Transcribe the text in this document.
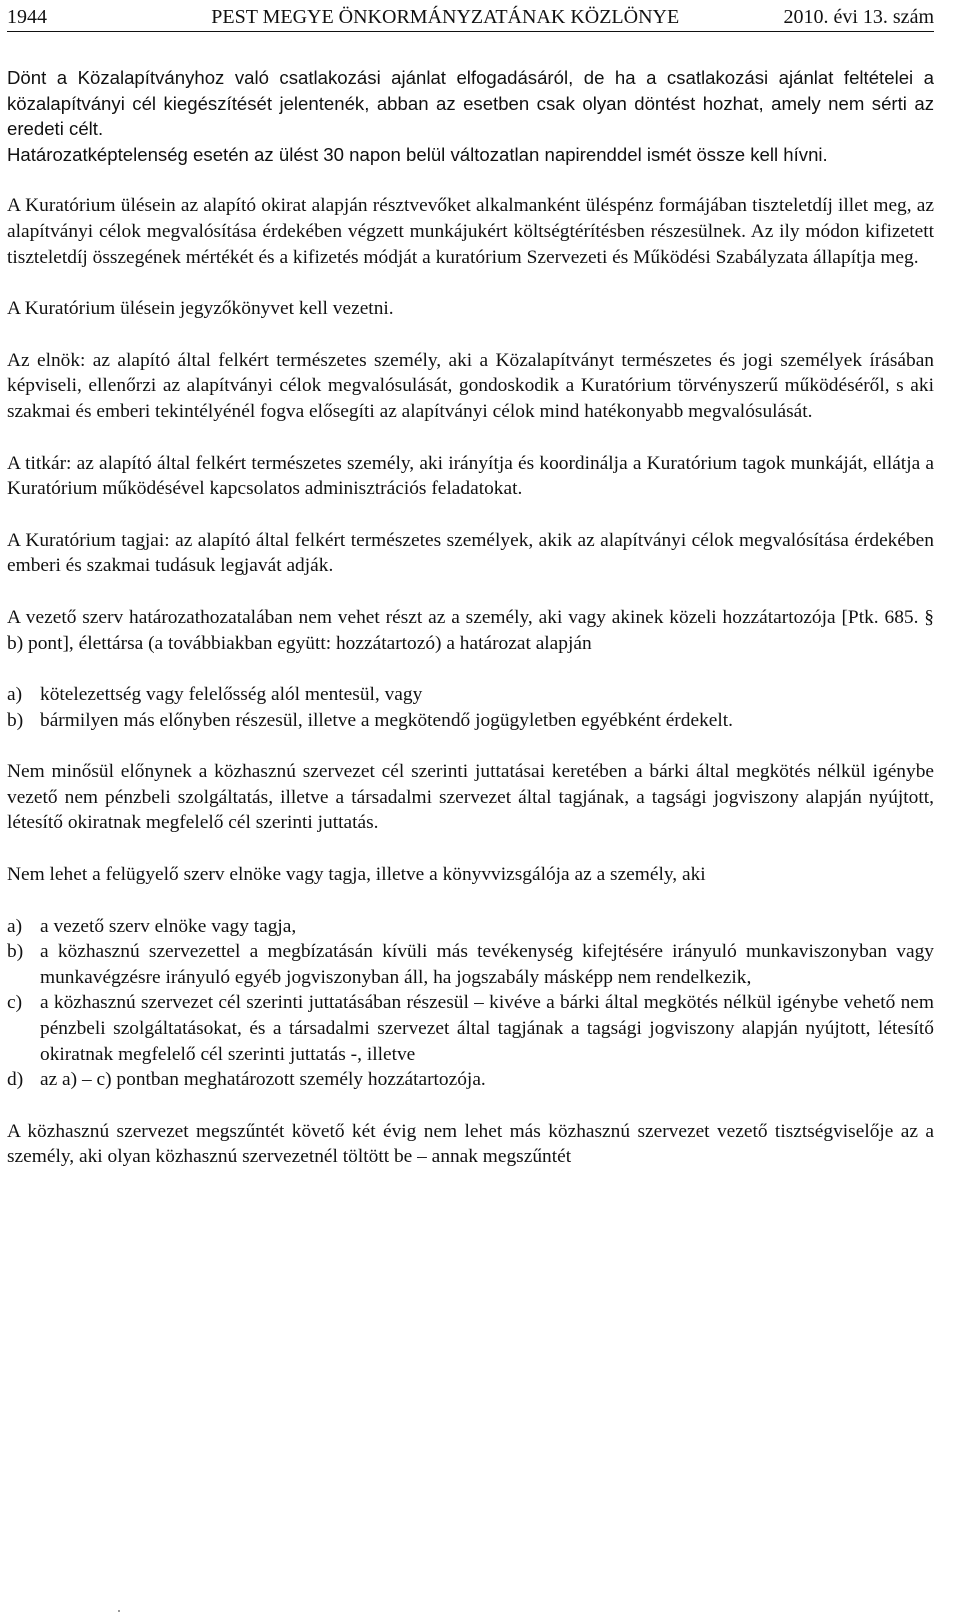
1944	PEST MEGYE ÖNKORMÁNYZATÁNAK KÖZLÖNYE	2010. évi 13. szám

Dönt a Közalapítványhoz való csatlakozási ajánlat elfogadásáról, de ha a csatlakozási ajánlat feltételei a közalapítványi cél kiegészítését jelentenék, abban az esetben csak olyan döntést hozhat, amely nem sérti az eredeti célt.

Határozatképtelenség esetén az ülést 30 napon belül változatlan napirenddel ismét össze kell hívni.

A Kuratórium ülésein az alapító okirat alapján résztvevőket alkalmanként üléspénz formájában tiszteletdíj illet meg, az alapítványi célok megvalósítása érdekében végzett munkájukért költségtérítésben részesülnek. Az ily módon kifizetett tiszteletdíj összegének mértékét és a kifizetés módját a kuratórium Szervezeti és Működési Szabályzata állapítja meg.

A Kuratórium ülésein jegyzőkönyvet kell vezetni.

Az elnök: az alapító által felkért természetes személy, aki a Közalapítványt természetes és jogi személyek írásában képviseli, ellenőrzi az alapítványi célok megvalósulását, gondoskodik a Kuratórium törvényszerű működéséről, s aki szakmai és emberi tekintélyénél fogva elősegíti az alapítványi célok mind hatékonyabb megvalósulását.

A titkár: az alapító által felkért természetes személy, aki irányítja és koordinálja a Kuratórium tagok munkáját, ellátja a Kuratórium működésével kapcsolatos adminisztrációs feladatokat.

A Kuratórium tagjai: az alapító által felkért természetes személyek, akik az alapítványi célok megvalósítása érdekében emberi és szakmai tudásuk legjavát adják.

A vezető szerv határozathozatalában nem vehet részt az a személy, aki vagy akinek közeli hozzátartozója [Ptk. 685. § b) pont], élettársa (a továbbiakban együtt: hozzátartozó) a határozat alapján

a) kötelezettség vagy felelősség alól mentesül, vagy
b) bármilyen más előnyben részesül, illetve a megkötendő jogügyletben egyébként érdekelt.

Nem minősül előnynek a közhasznú szervezet cél szerinti juttatásai keretében a bárki által megkötés nélkül igénybe vezető nem pénzbeli szolgáltatás, illetve a társadalmi szervezet által tagjának, a tagsági jogviszony alapján nyújtott, létesítő okiratnak megfelelő cél szerinti juttatás.

Nem lehet a felügyelő szerv elnöke vagy tagja, illetve a könyvvizsgálója az a személy, aki

a) a vezető szerv elnöke vagy tagja,
b) a közhasznú szervezettel a megbízatásán kívüli más tevékenység kifejtésére irányuló munkaviszonyban vagy munkavégzésre irányuló egyéb jogviszonyban áll, ha jogszabály másképp nem rendelkezik,
c) a közhasznú szervezet cél szerinti juttatásában részesül – kivéve a bárki által megkötés nélkül igénybe vehető nem pénzbeli szolgáltatásokat, és a társadalmi szervezet által tagjának a tagsági jogviszony alapján nyújtott, létesítő okiratnak megfelelő cél szerinti juttatás -, illetve
d) az a) – c) pontban meghatározott személy hozzátartozója.

A közhasznú szervezet megszűntét követő két évig nem lehet más közhasznú szervezet vezető tisztségviselője az a személy, aki olyan közhasznú szervezetnél töltött be – annak megszűntét
